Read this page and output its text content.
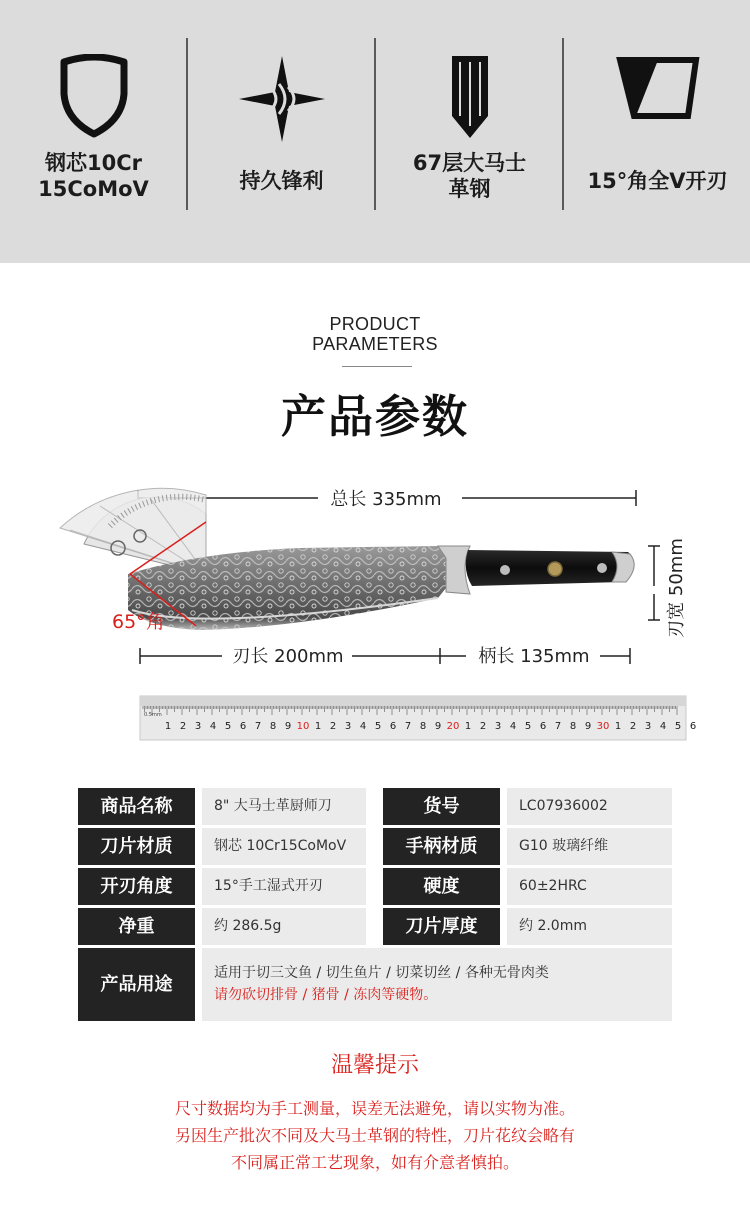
钢芯10Cr
15CoMoV	持久锋利
67层大马士
革钢	15°角全V开刃
PRODUCT
PARAMETERS
产品参数
总长 335mm
65°角	刃宽 50mm
刃长 200mm	柄长 135mm
0.5mm
1 2 3 4 5 6 7 8 9 10 1 2 3 4 5 6 7 8 9 20 1 2 3 4 5 6 7 8 9 30 1 2 3 4 5 6
商品名称	8" 大马士革厨师刀	货号	LC07936002
刀片材质	钢芯 10Cr15CoMoV	手柄材质	G10 玻璃纤维
开刃角度	15°手工湿式开刃	硬度	60±2HRC
净重	约 286.5g	刀片厚度	约 2.0mm
产品用途
适用于切三文鱼 / 切生鱼片 / 切菜切丝 / 各种无骨肉类
请勿砍切排骨 / 猪骨 / 冻肉等硬物。
温馨提示
尺寸数据均为手工测量，误差无法避免，请以实物为准。
另因生产批次不同及大马士革钢的特性，刀片花纹会略有
不同属正常工艺现象，如有介意者慎拍。
